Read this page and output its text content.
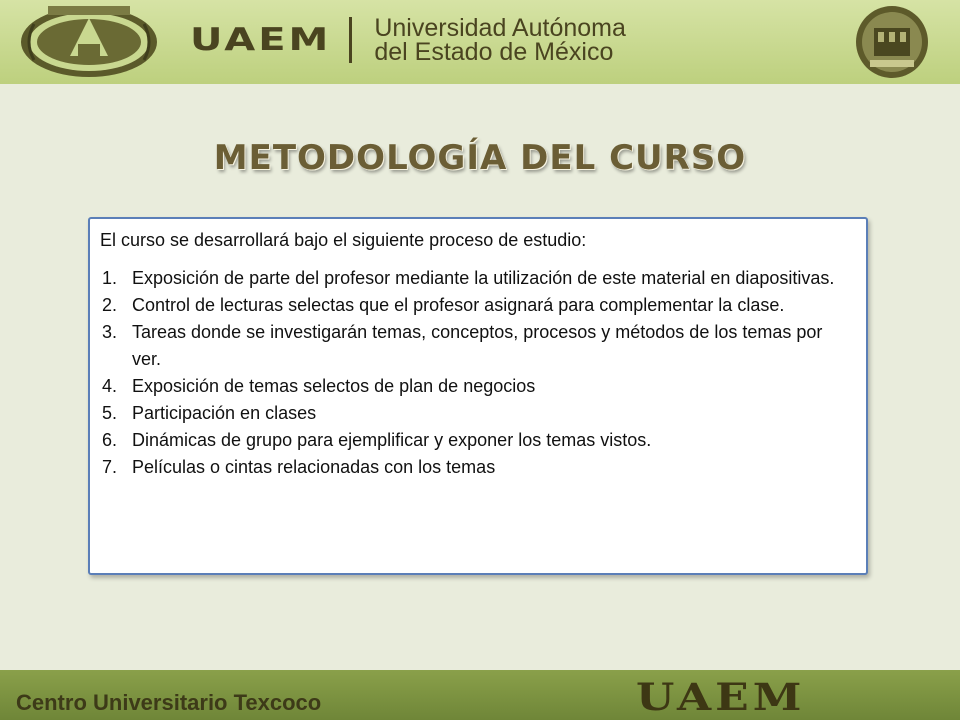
UAEM Universidad Autónoma
del Estado de México
METODOLOGÍA DEL CURSO

El curso se desarrollará bajo el siguiente proceso de estudio:

1. Exposición de parte del profesor mediante la utilización de este material en diapositivas.
2. Control de lecturas selectas que el profesor asignará para complementar la clase.
3. Tareas donde se investigarán temas, conceptos, procesos y métodos de los temas por ver.
4. Exposición de temas selectos de plan de negocios
5. Participación en clases
6. Dinámicas de grupo para ejemplificar y exponer los temas vistos.
7. Películas o cintas relacionadas con los temas
Centro Universitario Texcoco	UAEM
